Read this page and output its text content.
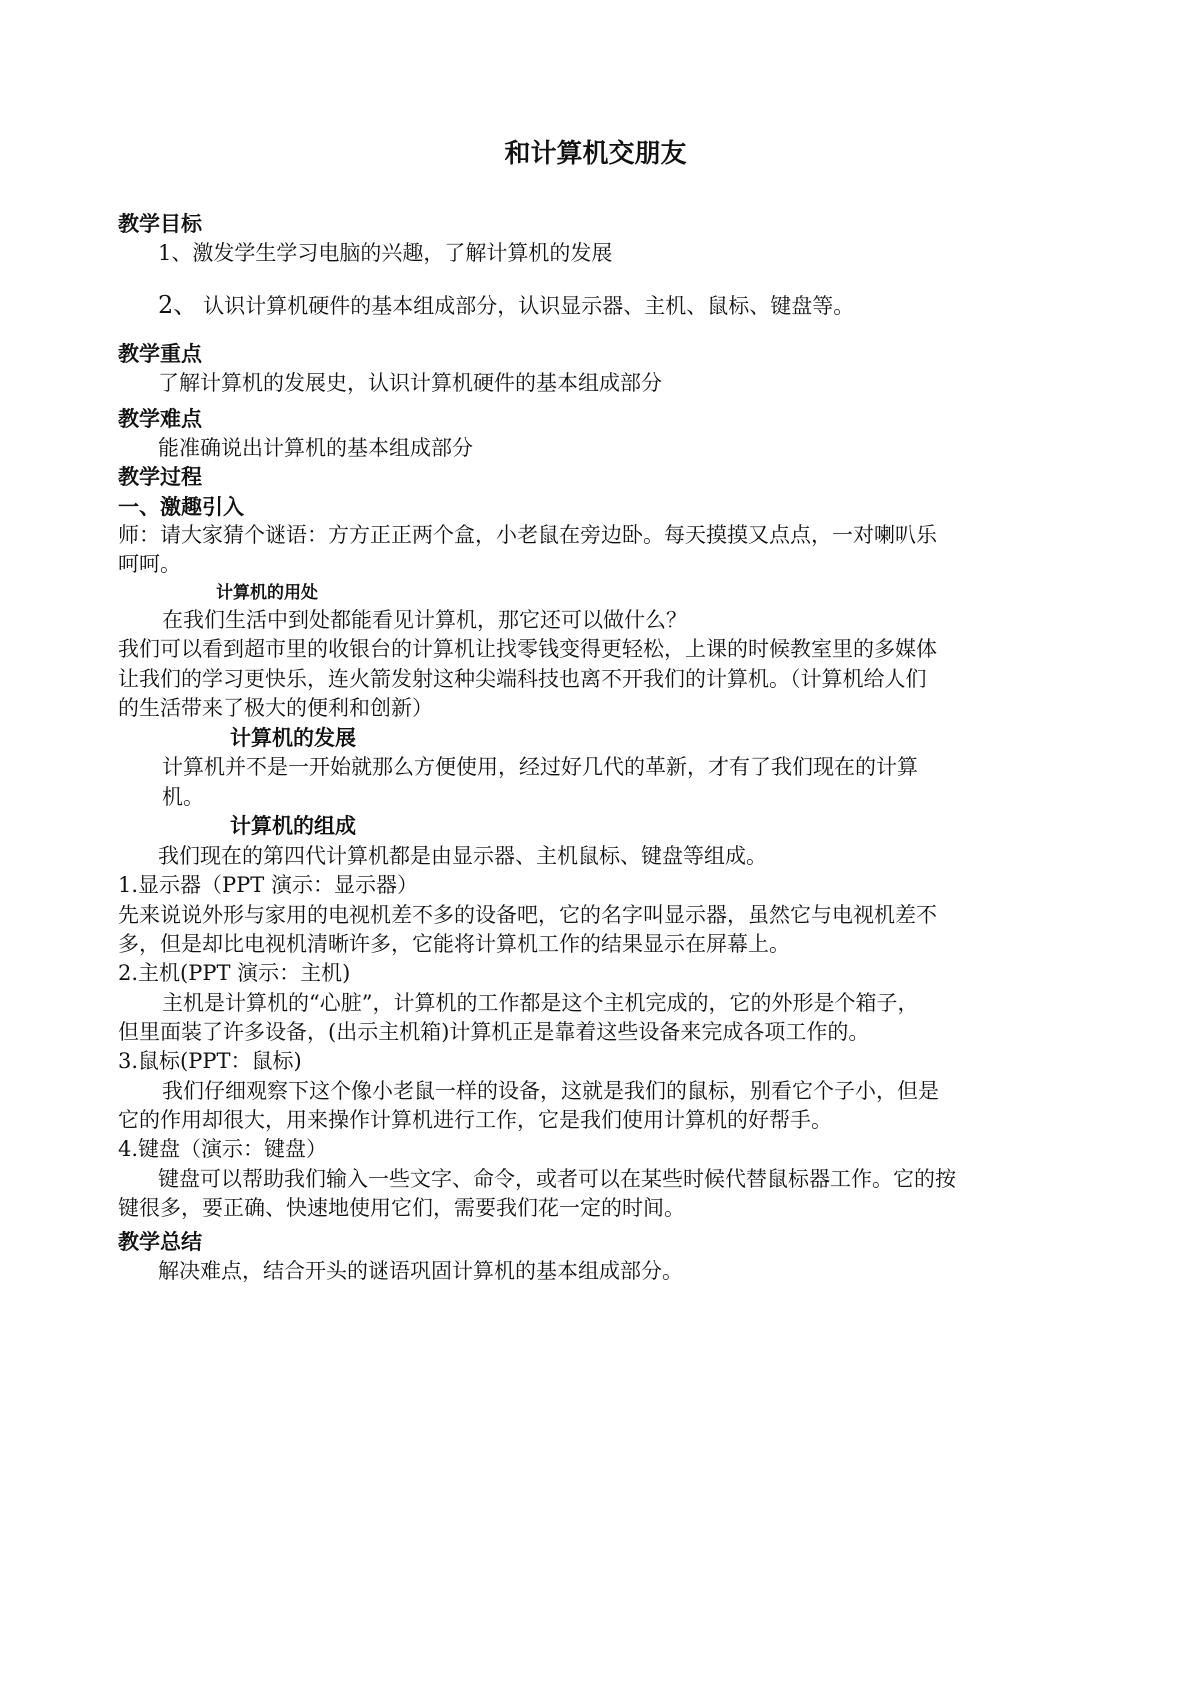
和计算机交朋友
教学目标
1、激发学生学习电脑的兴趣，了解计算机的发展
2、 认识计算机硬件的基本组成部分，认识显示器、主机、鼠标、键盘等。
教学重点
了解计算机的发展史，认识计算机硬件的基本组成部分
教学难点
能准确说出计算机的基本组成部分
教学过程
一、激趣引入
师：请大家猜个谜语：方方正正两个盒，小老鼠在旁边卧。每天摸摸又点点，一对喇叭乐
呵呵。
计算机的用处
在我们生活中到处都能看见计算机，那它还可以做什么？
我们可以看到超市里的收银台的计算机让找零钱变得更轻松，上课的时候教室里的多媒体
让我们的学习更快乐，连火箭发射这种尖端科技也离不开我们的计算机。（计算机给人们
的生活带来了极大的便利和创新）
计算机的发展
计算机并不是一开始就那么方便使用，经过好几代的革新，才有了我们现在的计算
机。
计算机的组成
我们现在的第四代计算机都是由显示器、主机鼠标、键盘等组成。
1.显示器（PPT 演示：显示器）
先来说说外形与家用的电视机差不多的设备吧，它的名字叫显示器，虽然它与电视机差不
多，但是却比电视机清晰许多，它能将计算机工作的结果显示在屏幕上。
2.主机(PPT 演示：主机)
主机是计算机的“心脏”，计算机的工作都是这个主机完成的，它的外形是个箱子，
但里面装了许多设备，(出示主机箱)计算机正是靠着这些设备来完成各项工作的。
3.鼠标(PPT：鼠标)
我们仔细观察下这个像小老鼠一样的设备，这就是我们的鼠标，别看它个子小，但是
它的作用却很大，用来操作计算机进行工作，它是我们使用计算机的好帮手。
4.键盘（演示：键盘）
键盘可以帮助我们输入一些文字、命令，或者可以在某些时候代替鼠标器工作。它的按
键很多，要正确、快速地使用它们，需要我们花一定的时间。
教学总结
解决难点，结合开头的谜语巩固计算机的基本组成部分。
